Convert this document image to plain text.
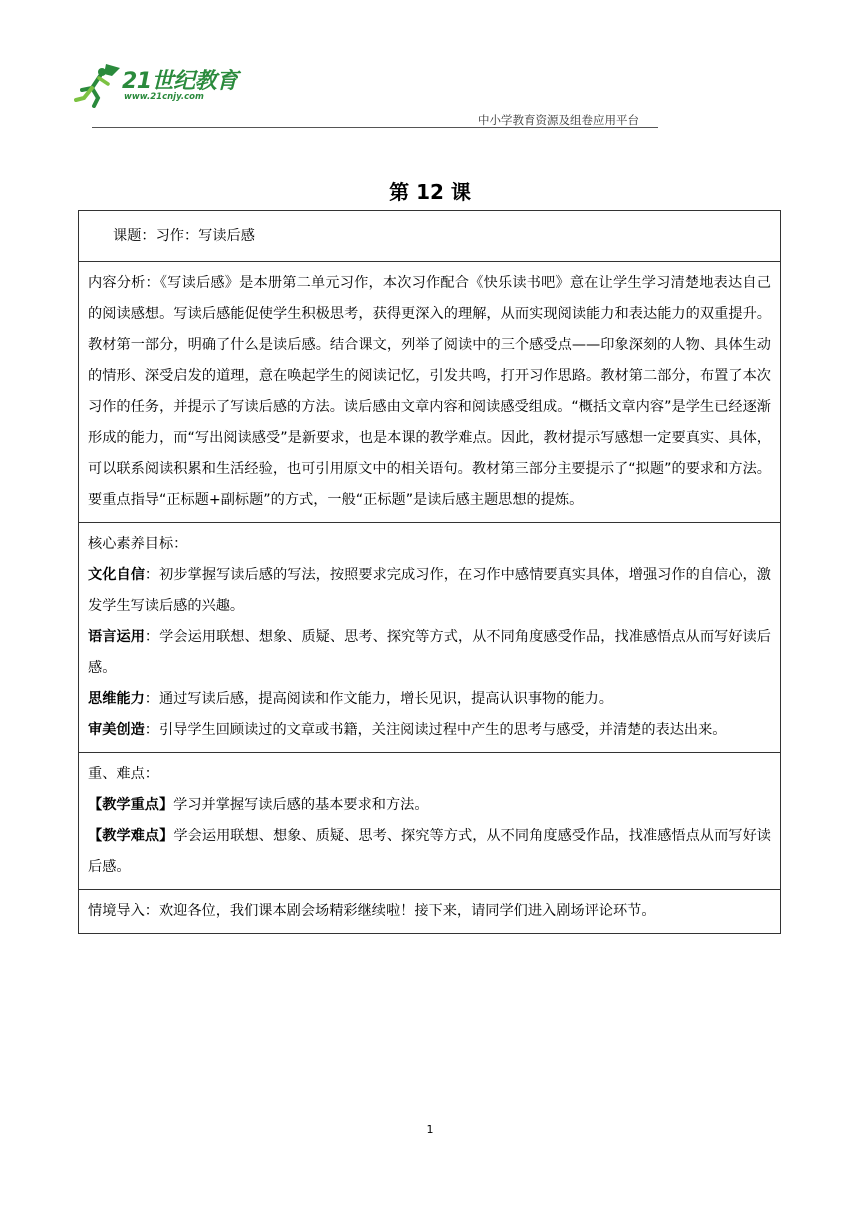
21世纪教育
www.21cnjy.com
中小学教育资源及组卷应用平台
第 12 课
课题：习作：写读后感
内容分析：《写读后感》是本册第二单元习作，本次习作配合《快乐读书吧》意在让学生学习清楚地表达自己的阅读感想。写读后感能促使学生积极思考，获得更深入的理解，从而实现阅读能力和表达能力的双重提升。教材第一部分，明确了什么是读后感。结合课文，列举了阅读中的三个感受点——印象深刻的人物、具体生动的情形、深受启发的道理，意在唤起学生的阅读记忆，引发共鸣，打开习作思路。教材第二部分，布置了本次习作的任务，并提示了写读后感的方法。读后感由文章内容和阅读感受组成。“概括文章内容”是学生已经逐渐形成的能力，而“写出阅读感受”是新要求，也是本课的教学难点。因此，教材提示写感想一定要真实、具体，可以联系阅读积累和生活经验，也可引用原文中的相关语句。教材第三部分主要提示了“拟题”的要求和方法。要重点指导“正标题+副标题”的方式，一般“正标题”是读后感主题思想的提炼。

核心素养目标：

文化自信：初步掌握写读后感的写法，按照要求完成习作，在习作中感情要真实具体，增强习作的自信心，激发学生写读后感的兴趣。

语言运用：学会运用联想、想象、质疑、思考、探究等方式，从不同角度感受作品，找准感悟点从而写好读后感。

思维能力：通过写读后感，提高阅读和作文能力，增长见识，提高认识事物的能力。

审美创造：引导学生回顾读过的文章或书籍，关注阅读过程中产生的思考与感受，并清楚的表达出来。

重、难点：

【教学重点】学习并掌握写读后感的基本要求和方法。

【教学难点】学会运用联想、想象、质疑、思考、探究等方式，从不同角度感受作品，找准感悟点从而写好读后感。

情境导入：欢迎各位，我们课本剧会场精彩继续啦！接下来，请同学们进入剧场评论环节。
1
